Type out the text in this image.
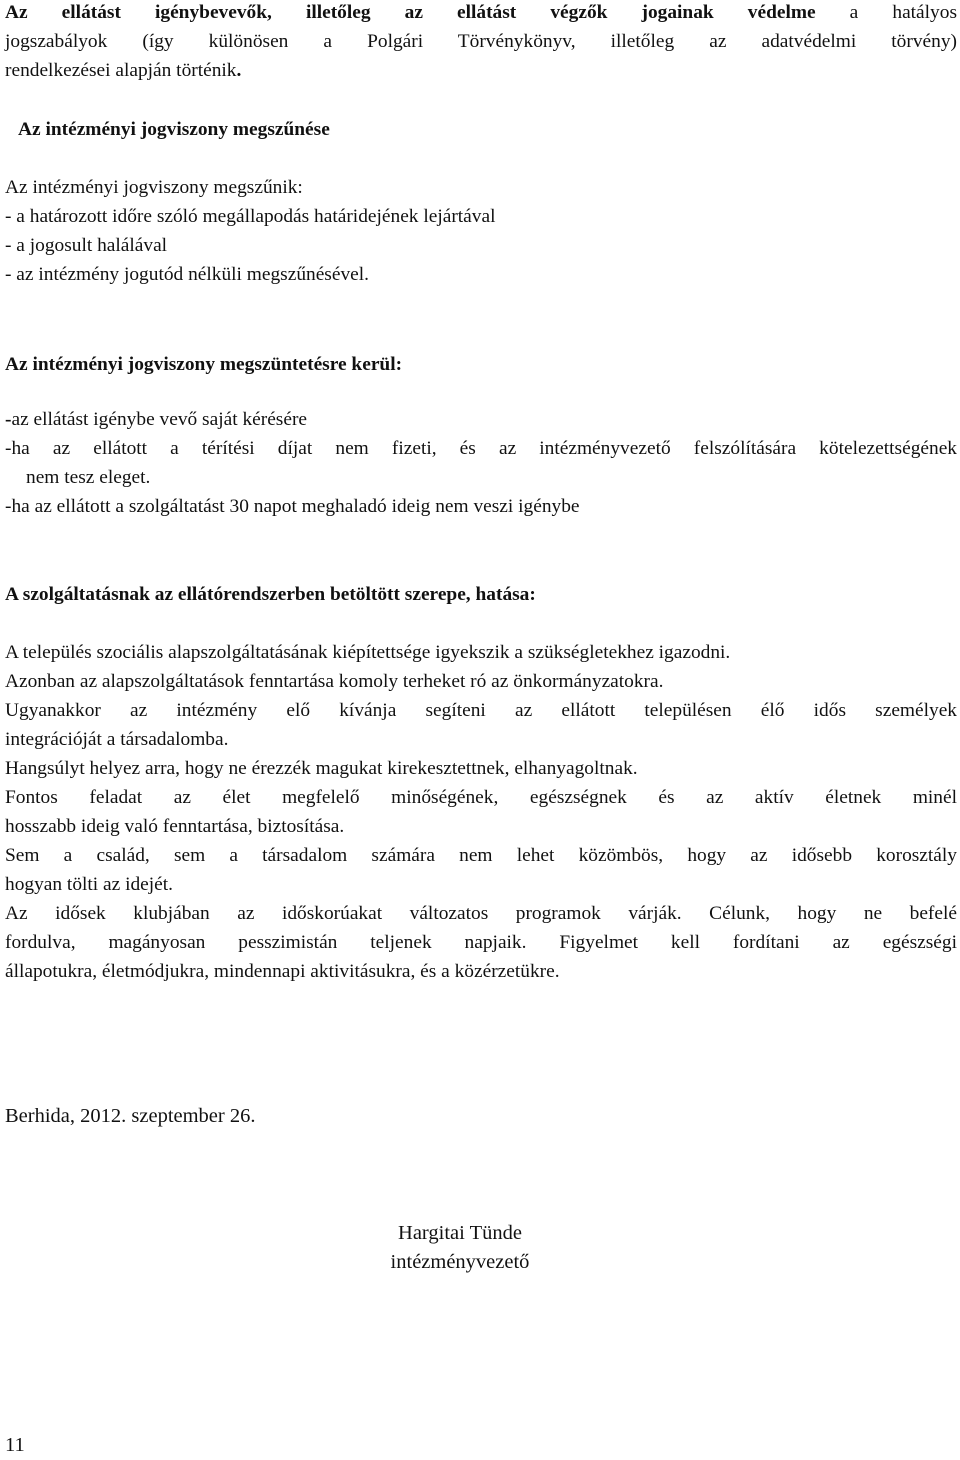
Az ellátást igénybevevők, illetőleg az ellátást végzők jogainak védelme a hatályos
jogszabályok (így különösen a Polgári Törvénykönyv, illetőleg az adatvédelmi törvény)
rendelkezései alapján történik.
Az intézményi jogviszony megszűnése
Az intézményi jogviszony megszűnik:
- a határozott időre szóló megállapodás határidejének lejártával
- a jogosult halálával
- az intézmény jogutód nélküli megszűnésével.
Az intézményi jogviszony megszüntetésre kerül:
-az ellátást igénybe vevő saját kérésére
-ha az ellátott a térítési díjat nem fizeti, és az intézményvezető felszólítására kötelezettségének
nem tesz eleget.
-ha az ellátott a szolgáltatást 30 napot meghaladó ideig nem veszi igénybe
A szolgáltatásnak az ellátórendszerben betöltött szerepe, hatása:
A település szociális alapszolgáltatásának kiépítettsége igyekszik a szükségletekhez igazodni.
Azonban az alapszolgáltatások fenntartása komoly terheket ró az önkormányzatokra.
Ugyanakkor az intézmény elő kívánja segíteni az ellátott településen élő idős személyek
integrációját a társadalomba.
Hangsúlyt helyez arra, hogy ne érezzék magukat kirekesztettnek, elhanyagoltnak.
Fontos feladat az élet megfelelő minőségének, egészségnek és az aktív életnek minél
hosszabb ideig való fenntartása, biztosítása.
Sem a család, sem a társadalom számára nem lehet közömbös, hogy az idősebb korosztály
hogyan tölti az idejét.
Az idősek klubjában az időskorúakat változatos programok várják. Célunk, hogy ne befelé
fordulva, magányosan pesszimistán teljenek napjaik. Figyelmet kell fordítani az egészségi
állapotukra, életmódjukra, mindennapi aktivitásukra, és a közérzetükre.
Berhida, 2012. szeptember 26.
Hargitai Tünde
intézményvezető
11
